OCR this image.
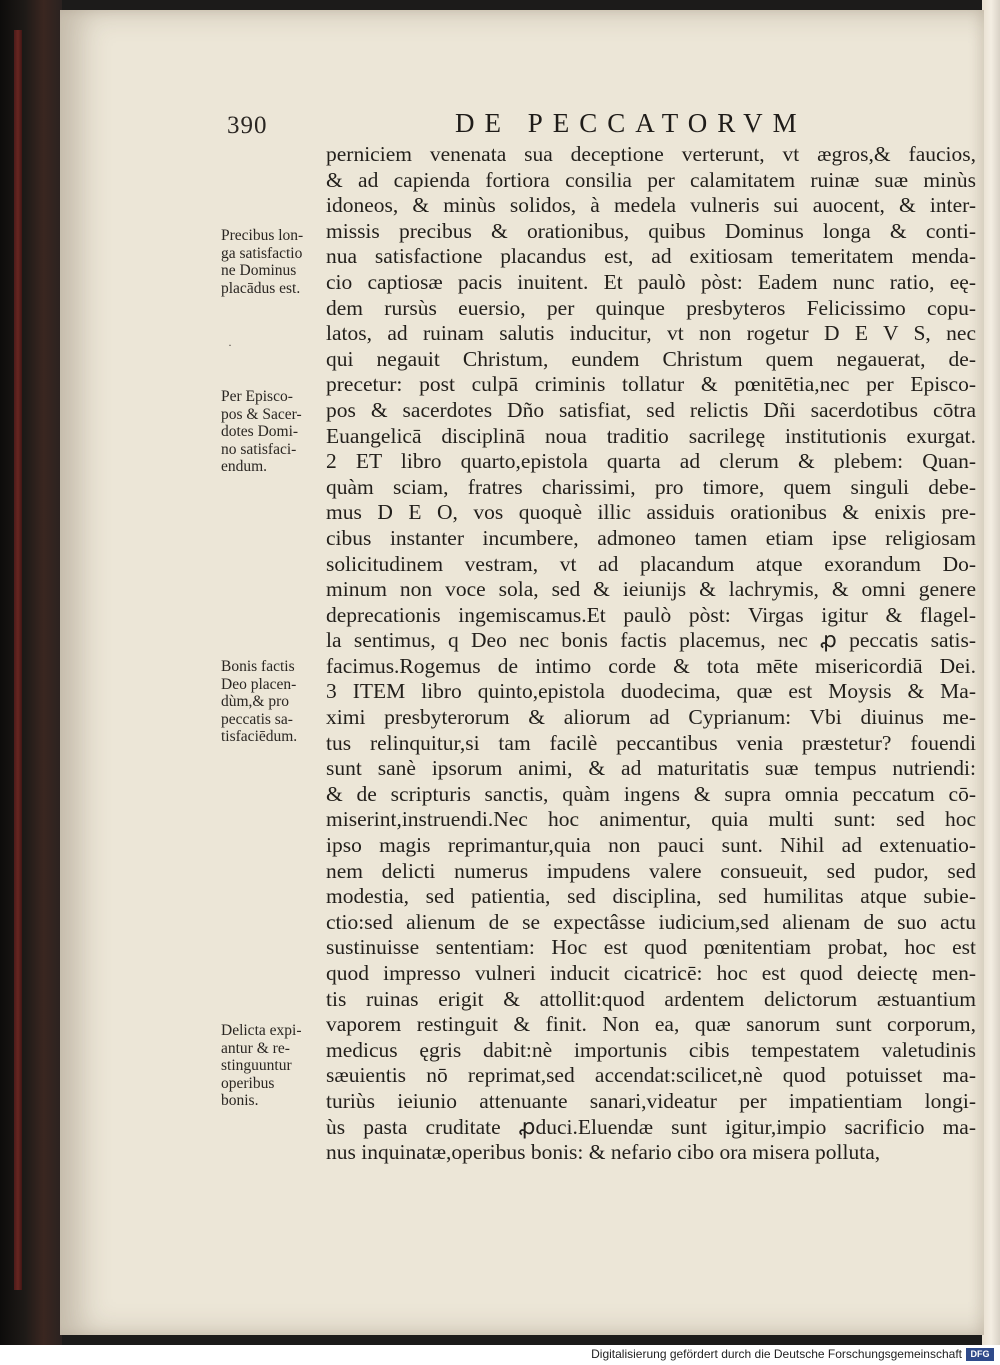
390	DE PECCATORVM
perniciem venenata sua deceptione verterunt, vt ægros,& faucios,
& ad capienda fortiora consilia per calamitatem ruinæ suæ minùs
idoneos, & minùs solidos, à medela vulneris sui auocent, & inter-
missis precibus & orationibus, quibus Dominus longa & conti-
nua satisfactione placandus est, ad exitiosam temeritatem menda-
cio captiosæ pacis inuitent. Et paulò pòst: Eadem nunc ratio, eę-
dem rursùs euersio, per quinque presbyteros Felicissimo copu-
latos, ad ruinam salutis inducitur, vt non rogetur D E V S, nec
qui negauit Christum, eundem Christum quem negauerat, de-
precetur: post culpā criminis tollatur & pœnitētia,nec per Episco-
pos & sacerdotes Dño satisfiat, sed relictis Dñi sacerdotibus cōtra
Euangelicā disciplinā noua traditio sacrilegę institutionis exurgat.
2 ET libro quarto,epistola quarta ad clerum & plebem: Quan-
quàm sciam, fratres charissimi, pro timore, quem singuli debe-
mus D E O, vos quoquè illic assiduis orationibus & enixis pre-
cibus instanter incumbere, admoneo tamen etiam ipse religiosam
solicitudinem vestram, vt ad placandum atque exorandum Do-
minum non voce sola, sed & ieiunijs & lachrymis, & omni genere
deprecationis ingemiscamus.Et paulò pòst: Virgas igitur & flagel-
la sentimus, q Deo nec bonis factis placemus, nec ꝓ peccatis satis-
facimus.Rogemus de intimo corde & tota mēte misericordiā Dei.
3 ITEM libro quinto,epistola duodecima, quæ est Moysis & Ma-
ximi presbyterorum & aliorum ad Cyprianum: Vbi diuinus me-
tus relinquitur,si tam facilè peccantibus venia præstetur? fouendi
sunt sanè ipsorum animi, & ad maturitatis suæ tempus nutriendi:
& de scripturis sanctis, quàm ingens & supra omnia peccatum cō-
miserint,instruendi.Nec hoc animentur, quia multi sunt: sed hoc
ipso magis reprimantur,quia non pauci sunt. Nihil ad extenuatio-
nem delicti numerus impudens valere consueuit, sed pudor, sed
modestia, sed patientia, sed disciplina, sed humilitas atque subie-
ctio:sed alienum de se expectâsse iudicium,sed alienam de suo actu
sustinuisse sententiam: Hoc est quod pœnitentiam probat, hoc est
quod impresso vulneri inducit cicatricē: hoc est quod deiectę men-
tis ruinas erigit & attollit:quod ardentem delictorum æstuantium
vaporem restinguit & finit. Non ea, quæ sanorum sunt corporum,
medicus ęgris dabit:nè importunis cibis tempestatem valetudinis
sæuientis nō reprimat,sed accendat:scilicet,nè quod potuisset ma-
turiùs ieiunio attenuante sanari,videatur per impatientiam longi-
ùs pasta cruditate ꝓduci.Eluendæ sunt igitur,impio sacrificio ma-
nus inquinatæ,operibus bonis: & nefario cibo ora misera polluta,
Precibus lon-
ga satisfactio
ne Dominus
placādus est.
·
Per Episco-
pos & Sacer-
dotes Domi-
no satisfaci-
endum.
Bonis factis
Deo placen-
dùm,& pro
peccatis sa-
tisfaciēdum.
Delicta expi-
antur & re-
stinguuntur
operibus
bonis.
Digitalisierung gefördert durch die Deutsche Forschungsgemeinschaft DFG
